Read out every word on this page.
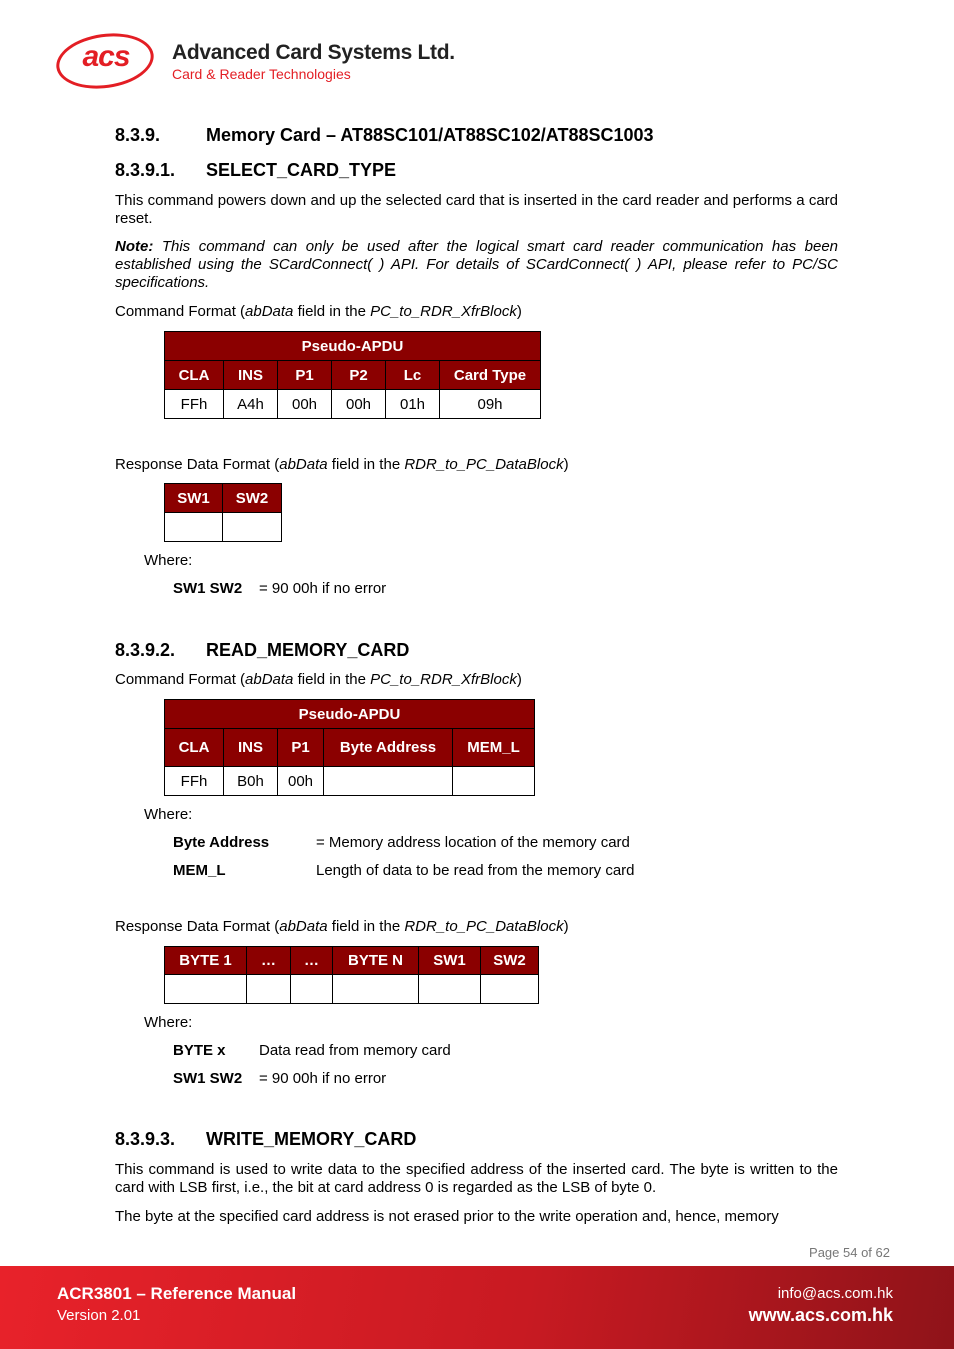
acs	Advanced Card Systems Ltd.
Card & Reader Technologies
8.3.9.	Memory Card – AT88SC101/AT88SC102/AT88SC1003
8.3.9.1. SELECT_CARD_TYPE
This command powers down and up the selected card that is inserted in the card reader and performs a card reset.
Note: This command can only be used after the logical smart card reader communication has been established using the SCardConnect( ) API. For details of SCardConnect( ) API, please refer to PC/SC specifications.
Command Format (abData field in the PC_to_RDR_XfrBlock)
Pseudo-APDU					
CLA	INS	P1	P2	Lc	Card Type
FFh	A4h	00h	00h	01h	09h
Response Data Format (abData field in the RDR_to_PC_DataBlock)
SW1	SW2

Where:
SW1 SW2 = 90 00h if no error
8.3.9.2. READ_MEMORY_CARD
Command Format (abData field in the PC_to_RDR_XfrBlock)
Pseudo-APDU				
CLA	INS	P1	Byte Address	MEM_L
FFh	B0h	00h		
Where:
Byte Address	= Memory address location of the memory card
MEM_L	Length of data to be read from the memory card
Response Data Format (abData field in the RDR_to_PC_DataBlock)
BYTE 1	…	…	BYTE N	SW1	SW2

Where:
BYTE x Data read from memory card
SW1 SW2 = 90 00h if no error
8.3.9.3. WRITE_MEMORY_CARD
This command is used to write data to the specified address of the inserted card. The byte is written to the card with LSB first, i.e., the bit at card address 0 is regarded as the LSB of byte 0.
The byte at the specified card address is not erased prior to the write operation and, hence, memory
Page 54 of 62
ACR3801 – Reference Manual
Version 2.01
info@acs.com.hk
www.acs.com.hk
